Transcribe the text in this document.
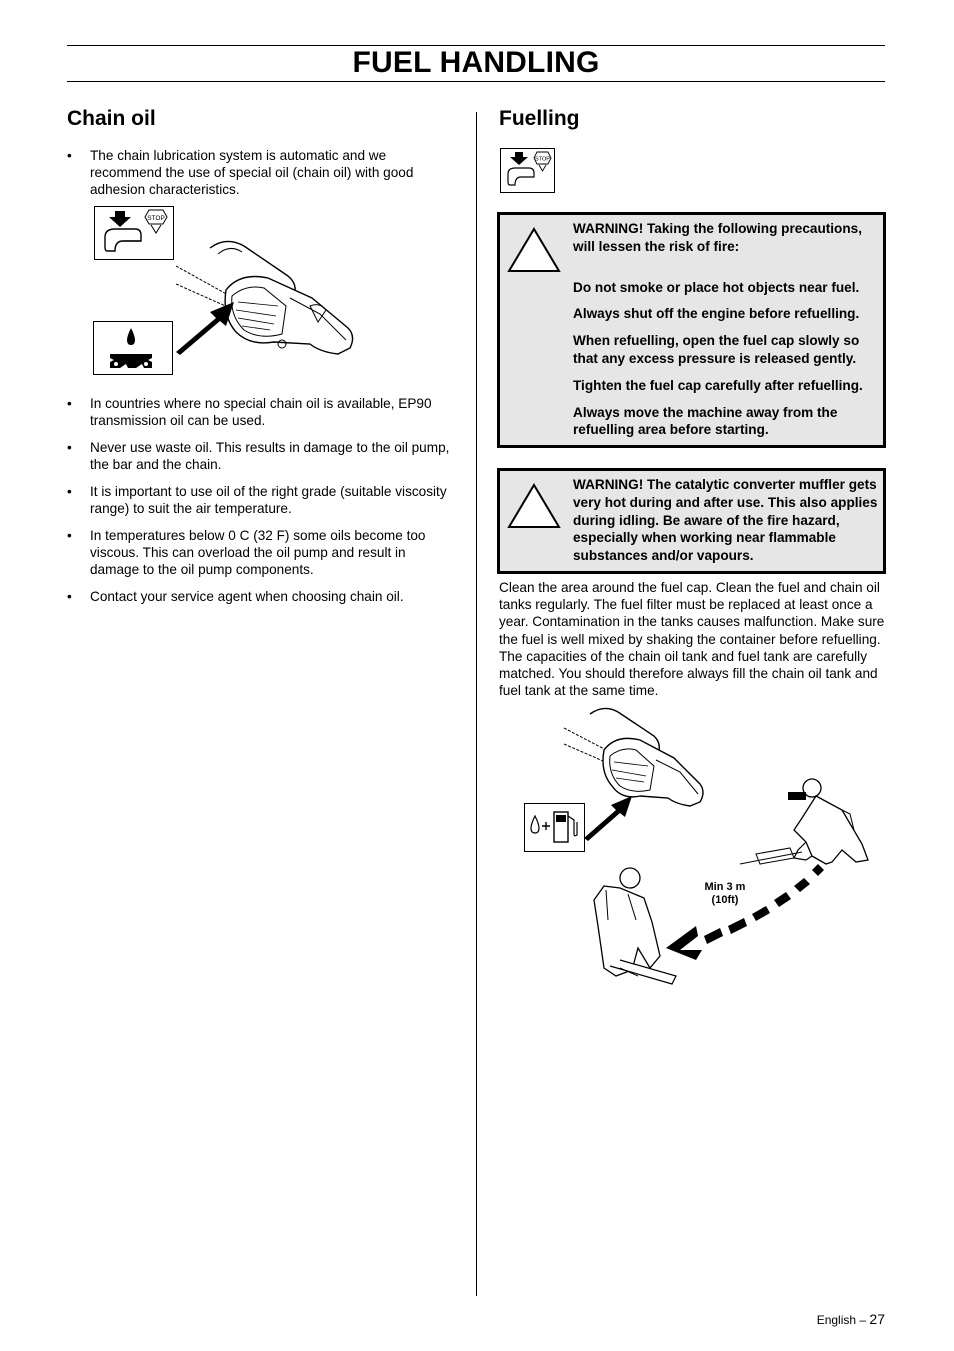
FUEL HANDLING
Chain oil
• The chain lubrication system is automatic and we recommend the use of special oil (chain oil) with good adhesion characteristics.
STOP
• In countries where no special chain oil is available, EP90 transmission oil can be used.
• Never use waste oil. This results in damage to the oil pump, the bar and the chain.
• It is important to use oil of the right grade (suitable viscosity range) to suit the air temperature.
• In temperatures below 0 C (32 F) some oils become too viscous. This can overload the oil pump and result in damage to the oil pump components.
• Contact your service agent when choosing chain oil.
Fuelling
STOP

WARNING! Taking the following precautions, will lessen the risk of fire:

Do not smoke or place hot objects near fuel.

Always shut off the engine before refuelling.

When refuelling, open the fuel cap slowly so that any excess pressure is released gently.

Tighten the fuel cap carefully after refuelling.

Always move the machine away from the refuelling area before starting.

WARNING! The catalytic converter muffler gets very hot during and after use. This also applies during idling. Be aware of the fire hazard, especially when working near flammable substances and/or vapours.

Clean the area around the fuel cap. Clean the fuel and chain oil tanks regularly. The fuel filter must be replaced at least once a year. Contamination in the tanks causes malfunction. Make sure the fuel is well mixed by shaking the container before refuelling. The capacities of the chain oil tank and fuel tank are carefully matched. You should therefore always fill the chain oil tank and fuel tank at the same time.
Min 3 m
(10ft)
English – 27
